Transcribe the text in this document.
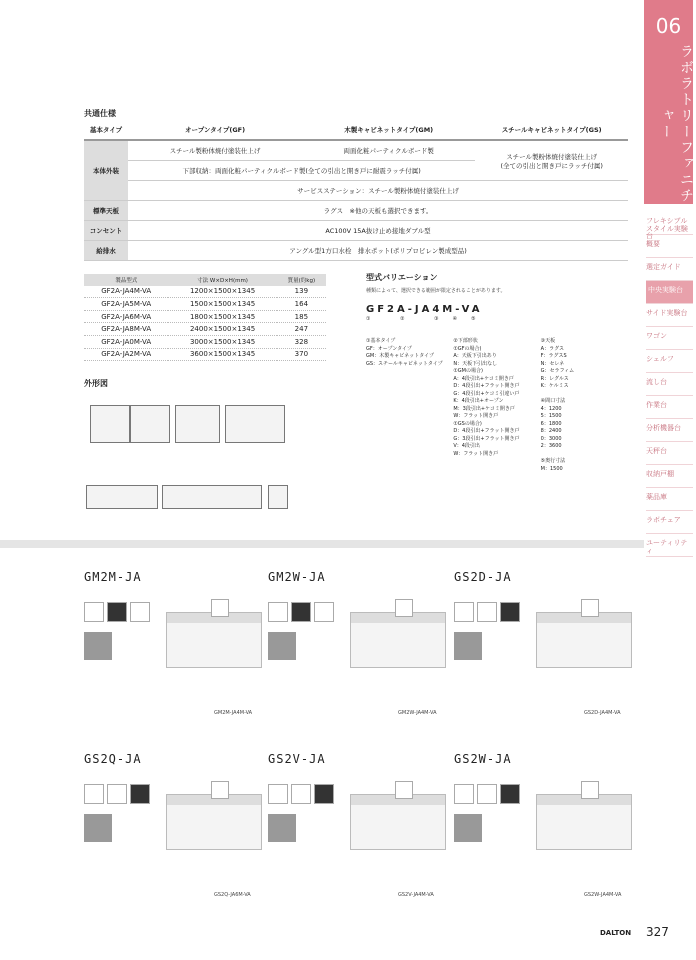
06
ラボラトリーファニチャー
フレキシブルスタイル実験台
概要
選定ガイド
中央実験台
サイド実験台
ワゴン
シェルフ
流し台
作業台
分析機器台
天秤台
収納戸棚
薬品庫
ラボチェア
ユーティリティ
共通仕様
基本タイプ	オープンタイプ(GF)	木製キャビネットタイプ(GM)	スチールキャビネットタイプ(GS)
本体外装	スチール製粉体焼付塗装仕上げ	両面化粧パーティクルボード製	スチール製粉体焼付塗装仕上げ
(全ての引出と開き戸にラッチ付属)
	下部収納：両面化粧パーティクルボード製(全ての引出と開き戸に耐震ラッチ付属)		
	サービスステーション：スチール製粉体焼付塗装仕上げ		
標準天板	ラグス　※他の天板も選択できます。		
コンセント	AC100V 15A抜け止め接地ダブル型		
給排水	アングル型1方口水栓　排水ポット(ポリプロピレン製成型品)		
製品型式	寸法 W×D×H(mm)	質量(約kg)
GF2A-JA4M-VA	1200×1500×1345	139
GF2A-JA5M-VA	1500×1500×1345	164
GF2A-JA6M-VA	1800×1500×1345	185
GF2A-JA8M-VA	2400×1500×1345	247
GF2A-JA0M-VA	3000×1500×1345	328
GF2A-JA2M-VA	3600×1500×1345	370
外形図
型式バリエーション
種類によって、選択できる範囲が限定されることがあります。
GF2A-JA4M-VA
① ② ③④⑤
①基本タイプ
GF：オープンタイプ
GM：木製キャビネットタイプ
GS：スチールキャビネットタイプ
②下部形状
①GFの場合)
A：天板下引出あり
N：天板下引出なし
①GMの場合)
A：4段引出+ケコミ開き戸
D：4段引出+フラット開き戸
G：4段引出+ケコミ引違い戸
K：4段引出+オープン
M：3段引出+ケコミ開き戸
W：フラット開き戸
①GSの場合)
D：4段引出+フラット開き戸
G：3段引出+フラット開き戸
V：4段引出
W：フラット開き戸
③天板
A：ラグス
F：ラグスS
N：セレネ
G：セラフィム
R：レグルス
K：ケルミス

④間口寸法
4：1200
5：1500
6：1800
8：2400
0：3000
2：3600

⑤奥行寸法
M：1500
GM2M-JA
GM2M-JA4M-VA
GM2W-JA
GM2W-JA4M-VA
GS2D-JA
GS2D-JA4M-VA
GS2Q-JA
GS2Q-JA6M-VA
GS2V-JA
GS2V-JA4M-VA
GS2W-JA
GS2W-JA4M-VA
DALTON 327
